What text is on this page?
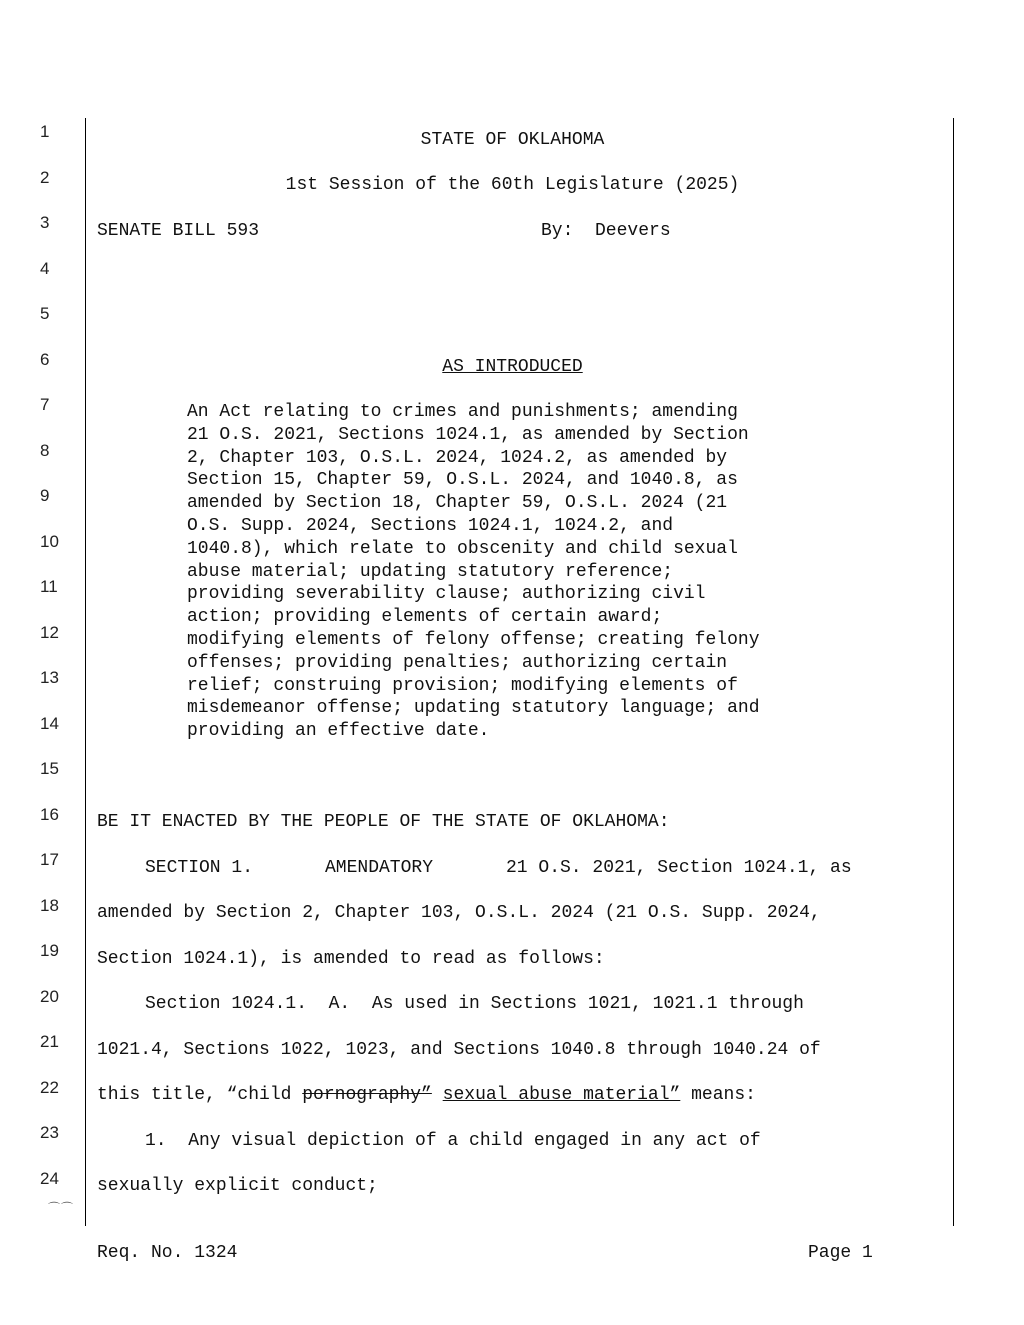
1
2
3
4
5
6
7
8
9
10
11
12
13
14
15
16
17
18
19
20
21
22
23
24
⌒⌒
STATE OF OKLAHOMA
1st Session of the 60th Legislature (2025)
SENATE BILL 593	By:  Deevers
AS INTRODUCED
An Act relating to crimes and punishments; amending
21 O.S. 2021, Sections 1024.1, as amended by Section
2, Chapter 103, O.S.L. 2024, 1024.2, as amended by
Section 15, Chapter 59, O.S.L. 2024, and 1040.8, as
amended by Section 18, Chapter 59, O.S.L. 2024 (21
O.S. Supp. 2024, Sections 1024.1, 1024.2, and
1040.8), which relate to obscenity and child sexual
abuse material; updating statutory reference;
providing severability clause; authorizing civil
action; providing elements of certain award;
modifying elements of felony offense; creating felony
offenses; providing penalties; authorizing certain
relief; construing provision; modifying elements of
misdemeanor offense; updating statutory language; and
providing an effective date.
BE IT ENACTED BY THE PEOPLE OF THE STATE OF OKLAHOMA:
SECTION 1.	AMENDATORY	21 O.S. 2021, Section 1024.1, as
amended by Section 2, Chapter 103, O.S.L. 2024 (21 O.S. Supp. 2024,
Section 1024.1), is amended to read as follows:
Section 1024.1.  A.  As used in Sections 1021, 1021.1 through
1021.4, Sections 1022, 1023, and Sections 1040.8 through 1040.24 of
this title, “child pornography” sexual abuse material” means:
1.  Any visual depiction of a child engaged in any act of
sexually explicit conduct;
Req. No. 1324	Page 1
